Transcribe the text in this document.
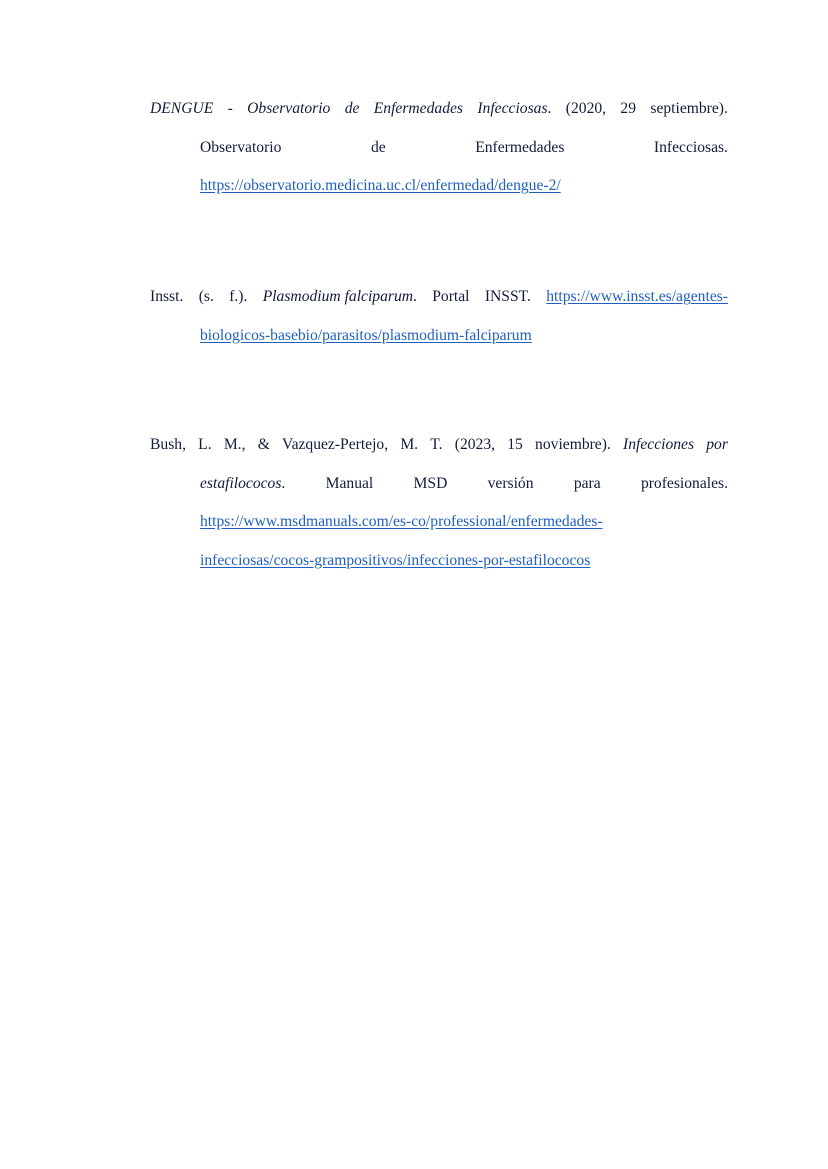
DENGUE - Observatorio de Enfermedades Infecciosas. (2020, 29 septiembre).
Observatorio	de	Enfermedades	Infecciosas.
https://observatorio.medicina.uc.cl/enfermedad/dengue-2/
Insst. (s. f.). Plasmodium falciparum. Portal INSST. https://www.insst.es/agentes-
biologicos-basebio/parasitos/plasmodium-falciparum
Bush, L. M., & Vazquez-Pertejo, M. T. (2023, 15 noviembre). Infecciones por
estafilococos.	Manual	MSD	versión	para	profesionales.
https://www.msdmanuals.com/es-co/professional/enfermedades-
infecciosas/cocos-grampositivos/infecciones-por-estafilococos
